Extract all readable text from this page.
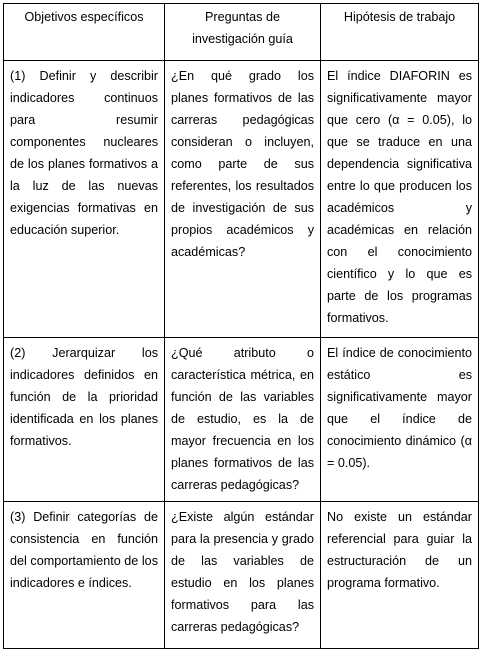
Objetivos específicos	Preguntas de investigación guía	Hipótesis de trabajo
(1) Definir y describir indicadores continuos para resumir componentes nucleares de los planes formativos a la luz de las nuevas exigencias formativas en educación superior.	¿En qué grado los planes formativos de las carreras pedagógicas consideran o incluyen, como parte de sus referentes, los resultados de investigación de sus propios académicos y académicas?	El índice DIAFORIN es significativamente mayor que cero (α = 0.05), lo que se traduce en una dependencia significativa entre lo que producen los académicos y académicas en relación con el conocimiento científico y lo que es parte de los programas formativos.
(2) Jerarquizar los indicadores definidos en función de la prioridad identificada en los planes formativos.	¿Qué atributo o característica métrica, en función de las variables de estudio, es la de mayor frecuencia en los planes formativos de las carreras pedagógicas?	El índice de conocimiento estático es significativamente mayor que el índice de conocimiento dinámico (α = 0.05).
(3) Definir categorías de consistencia en función del comportamiento de los indicadores e índices.	¿Existe algún estándar para la presencia y grado de las variables de estudio en los planes formativos para las carreras pedagógicas?	No existe un estándar referencial para guiar la estructuración de un programa formativo.
